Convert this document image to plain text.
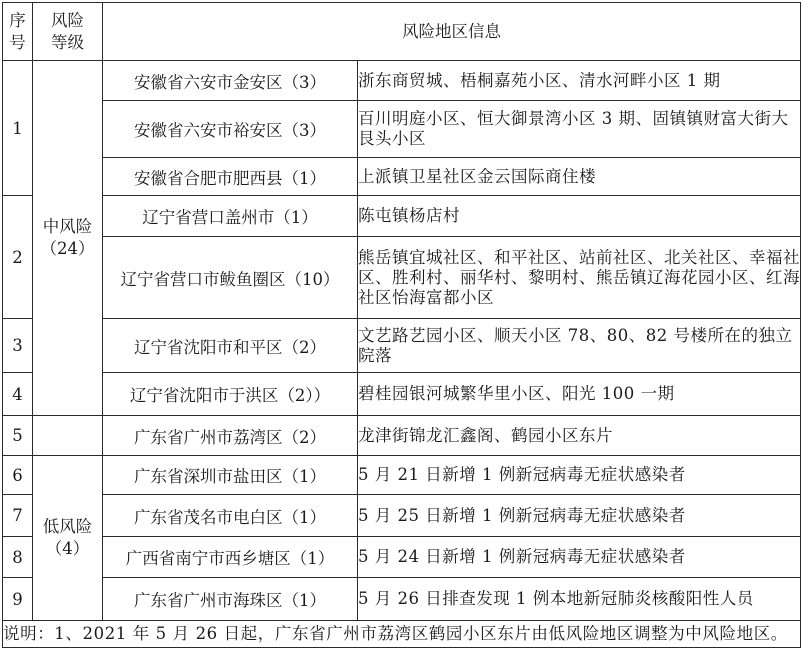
序
号	风险
等级	风险地区信息	
1	中风险
（24）	安徽省六安市金安区（3）	浙东商贸城、梧桐嘉苑小区、清水河畔小区 1 期
		安徽省六安市裕安区（3）	百川明庭小区、恒大御景湾小区 3 期、固镇镇财富大街大艮头小区
		安徽省合肥市肥西县（1）	上派镇卫星社区金云国际商住楼
2		辽宁省营口盖州市（1）	陈屯镇杨店村
		辽宁省营口市鲅鱼圈区（10）	熊岳镇宜城社区、和平社区、站前社区、北关社区、幸福社区、胜利村、丽华村、黎明村、熊岳镇辽海花园小区、红海社区怡海富都小区
3		辽宁省沈阳市和平区（2）	文艺路艺园小区、顺天小区 78、80、82 号楼所在的独立院落
4		辽宁省沈阳市于洪区（2））	碧桂园银河城繁华里小区、阳光 100 一期
5		广东省广州市荔湾区（2）	龙津街锦龙汇鑫阁、鹤园小区东片
6	低风险
（4）	广东省深圳市盐田区（1）	5 月 21 日新增 1 例新冠病毒无症状感染者
7		广东省茂名市电白区（1）	5 月 25 日新增 1 例新冠病毒无症状感染者
8		广西省南宁市西乡塘区（1）	5 月 24 日新增 1 例新冠病毒无症状感染者
9		广东省广州市海珠区（1）	5 月 26 日排查发现 1 例本地新冠肺炎核酸阳性人员
说明：1、2021 年 5 月 26 日起，广东省广州市荔湾区鹤园小区东片由低风险地区调整为中风险地区。			
